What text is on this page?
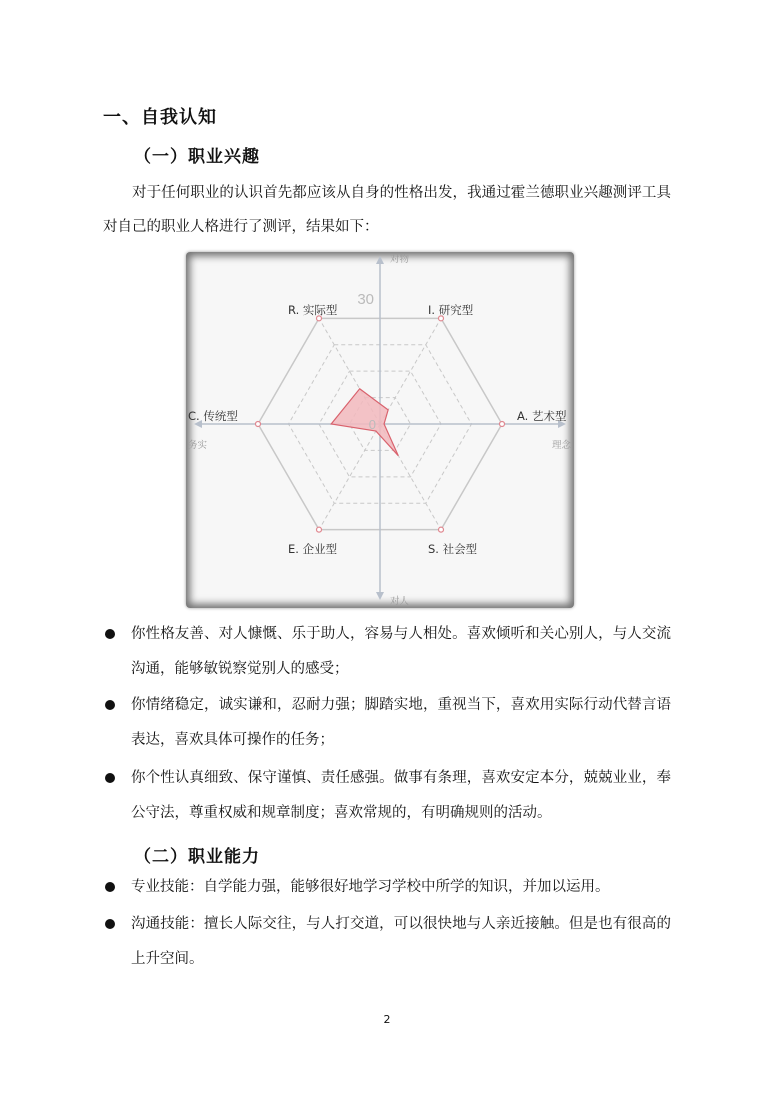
一、自我认知
（一）职业兴趣
对于任何职业的认识首先都应该从自身的性格出发，我通过霍兰德职业兴趣测评工具对自己的职业人格进行了测评，结果如下：
30
0
R. 实际型	I. 研究型
A. 艺术型
S. 社会型
E. 企业型
C. 传统型
对物
对人
务实	理念
你性格友善、对人慷慨、乐于助人，容易与人相处。喜欢倾听和关心别人，与人交流沟通，能够敏锐察觉别人的感受；
你情绪稳定，诚实谦和，忍耐力强；脚踏实地，重视当下，喜欢用实际行动代替言语表达，喜欢具体可操作的任务；
你个性认真细致、保守谨慎、责任感强。做事有条理，喜欢安定本分，兢兢业业，奉公守法，尊重权威和规章制度；喜欢常规的，有明确规则的活动。
（二）职业能力
专业技能：自学能力强，能够很好地学习学校中所学的知识，并加以运用。
沟通技能：擅长人际交往，与人打交道，可以很快地与人亲近接触。但是也有很高的上升空间。
2
